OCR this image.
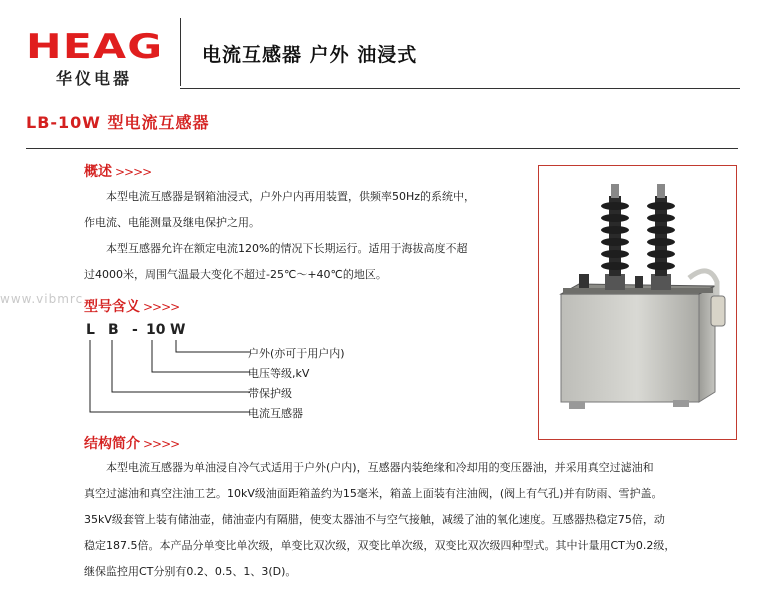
HEAG
华仪电器
电流互感器 户外 油浸式
LB-10W 型电流互感器
概述 >>>>
本型电流互感器是钢箱油浸式，户外户内再用装置，供频率50Hz的系统中，
作电流、电能测量及继电保护之用。
本型互感器允许在额定电流120%的情况下长期运行。适用于海拔高度不超
过4000米，周围气温最大变化不超过-25℃～+40℃的地区。
www.vibmrc 型号含义 >>>>
L B - 10 W
户外(亦可于用户内)
电压等级,kV
带保护级
电流互感器
结构简介 >>>>
本型电流互感器为单油浸自冷气式适用于户外(户内)，互感器内装绝缘和冷却用的变压器油，并采用真空过滤油和
真空过滤油和真空注油工艺。10kV级油面距箱盖约为15毫米，箱盖上面装有注油阀，(阀上有气孔)并有防雨、雪护盖。
35kV级套管上装有储油壶，储油壶内有隔腊，使变太器油不与空气接触，减缓了油的氧化速度。互感器热稳定75倍，动
稳定187.5倍。本产品分单变比单次级，单变比双次级，双变比单次级，双变比双次级四种型式。其中计量用CT为0.2级，
继保监控用CT分别有0.2、0.5、1、3(D)。
